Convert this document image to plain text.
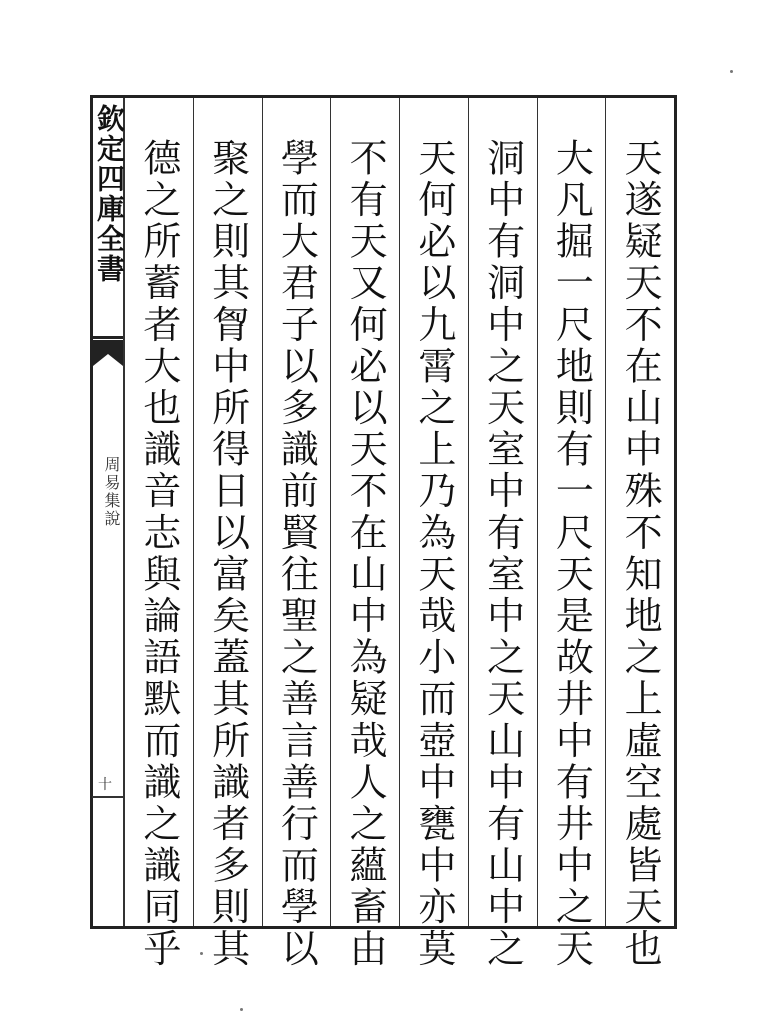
欽定四庫全書
周易集說
十	天遂疑天不在山中殊不知地之上虛空處皆天也
大凡掘一尺地則有一尺天是故井中有井中之天
洞中有洞中之天室中有室中之天山中有山中之
天何必以九霄之上乃為天哉小而壺中甕中亦莫
不有天又何必以天不在山中為疑哉人之蘊畜由
學而大君子以多識前賢往聖之善言善行而學以
聚之則其胷中所得日以富矣蓋其所識者多則其
德之所蓄者大也識音志與論語默而識之識同乎
